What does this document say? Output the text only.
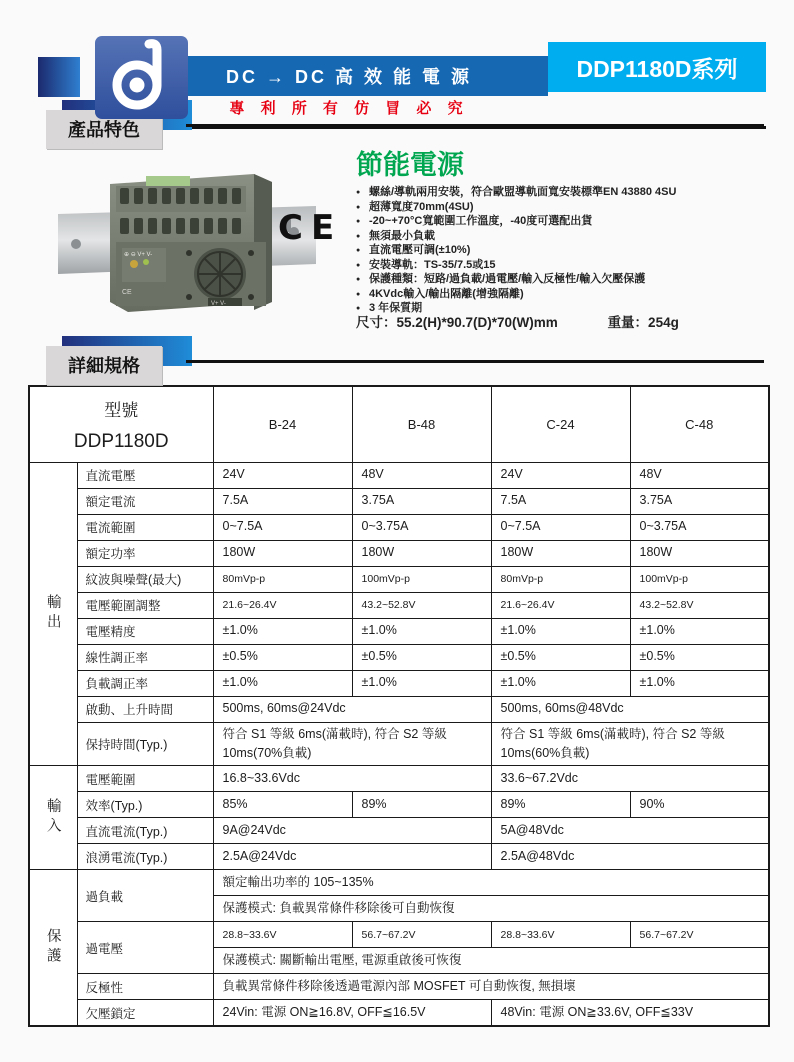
DC → DC 高 效 能 電 源	DDP1180D系列
專 利 所 有 仿 冒 必 究
產品特色
⊕ ⊖ V+ V-
CE
V+ V-
CE
節能電源
● 螺絲/導軌兩用安裝，符合歐盟導軌面寬安裝標準EN 43880 4SU
● 超薄寬度70mm(4SU)
● -20~+70°C寬範圍工作溫度，-40度可選配出貨
● 無須最小負載
● 直流電壓可調(±10%)
● 安裝導軌：TS-35/7.5或15
● 保護種類：短路/過負載/過電壓/輸入反極性/輸入欠壓保護
● 4KVdc輸入/輸出隔離(增強隔離)
● 3 年保質期
尺寸：55.2(H)*90.7(D)*70(W)mm	重量：254g
詳細規格
型號
DDP1180D		B-24	B-48	C-24	C-48
輸出	直流電壓	24V	48V	24V	48V
	額定電流	7.5A	3.75A	7.5A	3.75A
	電流範圍	0~7.5A	0~3.75A	0~7.5A	0~3.75A
	額定功率	180W	180W	180W	180W
	紋波與噪聲(最大)	80mVp-p	100mVp-p	80mVp-p	100mVp-p
	電壓範圍調整	21.6~26.4V	43.2~52.8V	21.6~26.4V	43.2~52.8V
	電壓精度	±1.0%	±1.0%	±1.0%	±1.0%
	線性調正率	±0.5%	±0.5%	±0.5%	±0.5%
	負載調正率	±1.0%	±1.0%	±1.0%	±1.0%
	啟動、上升時間	500ms, 60ms@24Vdc		500ms, 60ms@48Vdc	
	保持時間(Typ.)	符合 S1 等級 6ms(滿載時), 符合 S2 等級 10ms(70%負載)		符合 S1 等級 6ms(滿載時), 符合 S2 等級 10ms(60%負載)	
輸入	電壓範圍	16.8~33.6Vdc		33.6~67.2Vdc	
	效率(Typ.)	85%	89%	89%	90%
	直流電流(Typ.)	9A@24Vdc		5A@48Vdc	
	浪湧電流(Typ.)	2.5A@24Vdc		2.5A@48Vdc	
保護	過負載	額定輸出功率的 105~135%			
		保護模式: 負載異常條件移除後可自動恢復			
	過電壓	28.8~33.6V	56.7~67.2V	28.8~33.6V	56.7~67.2V
		保護模式: 關斷輸出電壓, 電源重啟後可恢復			
	反極性	負載異常條件移除後透過電源內部 MOSFET 可自動恢復, 無損壞			
	欠壓鎖定	24Vin: 電源 ON≧16.8V, OFF≦16.5V		48Vin: 電源 ON≧33.6V, OFF≦33V	
